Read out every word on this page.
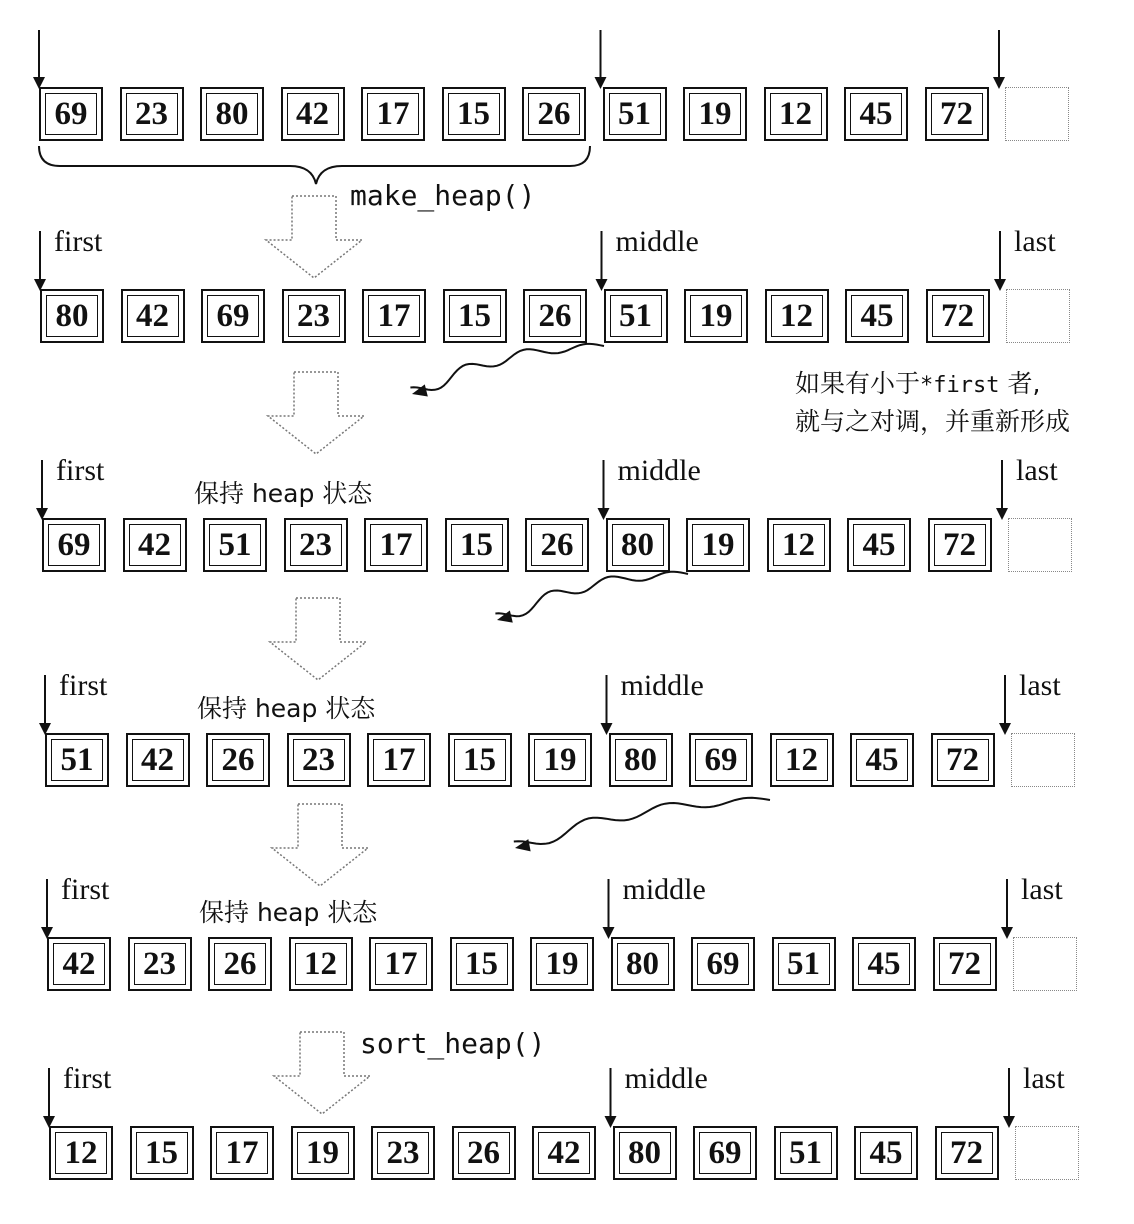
make_heap()
sort_heap()
如果有小于*first 者,
就与之对调，并重新形成
69 23 80 42 17 15 26 51 19 12 45 72
80 42 69 23 17 15 26 51 19 12 45 72
first	middle	last
69 42 51 23 17 15 26 80 19 12 45 72
first	middle	last
保持 heap 状态
51 42 26 23 17 15 19 80 69 12 45 72
first	middle	last
保持 heap 状态
42 23 26 12 17 15 19 80 69 51 45 72
first	middle	last
保持 heap 状态
12 15 17 19 23 26 42 80 69 51 45 72
first	middle	last
